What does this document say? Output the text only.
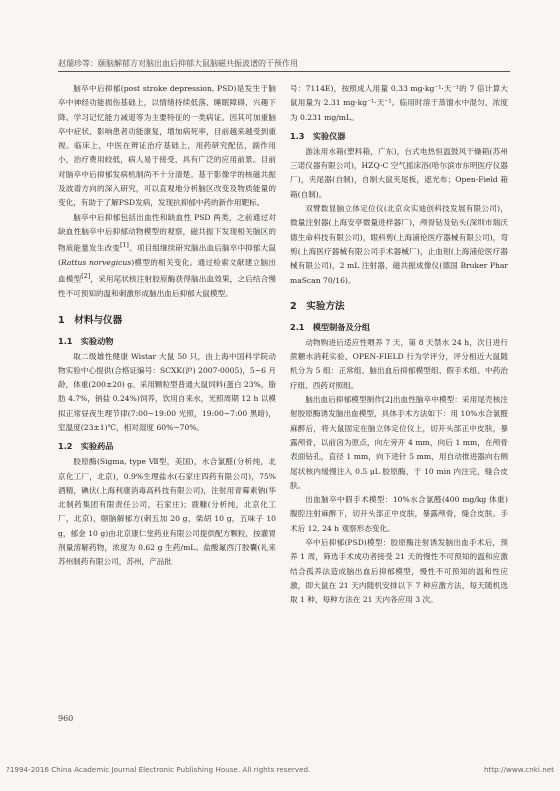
赵瑞珍等：颐脑解郁方对脑出血后抑郁大鼠脑磁共振波谱的干预作用

脑卒中后抑郁(post stroke depression, PSD)是发生于脑卒中神经功能损伤基础上，以情绪持续低落、睡眠障碍、兴趣下降、学习记忆能力减退等为主要特征的一类病证。因其可加重脑卒中症状、影响患者功能康复，增加病死率，目前越来越受到重视。临床上，中医在辨证治疗基础上，用药研究配伍，副作用小，治疗费用较低，病人易于接受，具有广泛的应用前景。目前对脑卒中后抑郁发病机制尚不十分清楚。基于影像学的核磁共振及波谱方向的深入研究，可以直观地分析脑区改变及物质能量的变化，有助于了解PSD发病，发现抗抑郁中药的新作用靶标。

脑卒中后抑郁包括出血性和缺血性 PSD 两类，之前通过对缺血性脑卒中后抑郁动物模型的观察，磁共振下发现相关脑区的物质能量发生改变[1]。项目组继续研究脑出血后脑卒中抑郁大鼠(Rattus norvegicus)模型的相关变化。通过检索文献建立脑出血模型[2]，采用尾状核注射胶原酶获得脑出血效果，之后结合慢性不可预知的温和刺激形成脑出血后抑郁大鼠模型。

1　材料与仪器
1.1　实验动物

取二级雄性健康 Wistar 大鼠 50 只，由上海中国科学院动物实验中心提供(合格证编号：SCXK(沪) 2007-0005)，5~6 月龄，体重(200±20) g。采用颗粒型普通大鼠饲料(蛋白 23%，脂肪 4.7%，钠盐 0.24%)饲养，饮用自来水，光照周期 12 h 以模拟正常昼夜生理节律(7:00~19:00 光照，19:00~7:00 黑暗)，室温度(23±1)℃，相对湿度 60%~70%。

1.2　实验药品

胶原酶(Sigma, type Ⅶ型，美国)，水合氯醛(分析纯，北京化工厂，北京)，0.9%生理盐水(石家庄四药有限公司)，75%酒精，碘伏(上海利康消毒高科技有限公司)，注射用青霉素钠(华北制药集团有限责任公司，石家庄)；鹿糠(分析纯，北京化工厂，北京)，颐脑解郁方(刺五加 20 g，柴胡 10 g，五味子 10 g，郁金 10 g)由北京康仁堂药业有限公司提供配方颗粒，按灌胃剂量溶解药物，浓度为 0.62 g 生药/mL。盐酸氟西汀胶囊(礼来苏州制药有限公司，苏州，产品批

号：7114E)，按照成人用量 0.33 mg·kg⁻¹·天⁻¹的 7 倍计算大鼠用量为 2.31 mg·kg⁻¹·天⁻¹。临用时溶于蒸馏水中混匀，浓度为 0.231 mg/mL。

1.3　实验仪器

游泳用水箱(塑料箱，广东)，台式电热恒温鼓风干燥箱(苏州三诺仪器有限公司)，HZQ-C 空气摇床浴(哈尔滨市东明医疗仪器厂)，夹尾器(自制)，自制大鼠夹尾板，遮光布；Open-Field 箱箱(自制)。

双臂数显脑立体定位仪(北京众实迪创科技发展有限公司)，微量注射器(上海安亭微量进样器厂)，颅骨钻及钻头(深圳市瑞沃德生命科技有限公司)，眼科剪(上海浦伦医疗器械有限公司)，弯剪(上海医疗器械有限公司手术器械厂)，止血钳(上海浦伦医疗器械有限公司)，2 mL 注射器，磁共振成像仪(德国 Bruker PharmaScan 70/16)。

2　实验方法
2.1　模型制备及分组

动物购进后适应性喂养 7 天，第 8 天禁水 24 h，次日进行蔗糖水消耗实验、OPEN-FIELD 行为学评分，评分相近大鼠随机分为 5 组：正常组、脑出血后抑郁模型组、假手术组、中药治疗组、西药对照组。

脑出血后抑郁模型制作[2]出血性脑卒中模型：采用尾壳核注射胶原酶诱发脑出血模型，具体手术方法如下：用 10%水合氯醛麻醉后，将大鼠固定在脑立体定位仪上，切开头部正中皮肤，暴露颅骨，以前囟为原点，向左旁开 4 mm，向后 1 mm，在颅骨表面钻孔，直径 1 mm，向下进针 5 mm，用自动推进器向右侧尾状核内缓慢注入 0.5 μL 胶原酶，于 10 min 内注完，缝合皮肤。

出血脑卒中假手术模型：10%水合氯醛(400 mg/kg 体重)腹腔注射麻醉下，切开头部正中皮肤，暴露颅骨，缝合皮肤。手术后 12, 24 h 观察形态变化。

卒中后抑郁(PSD)模型：胶原酶注射诱发脑出血手术后，预养 1 周，筛选手术成功者接受 21 天的慢性不可预知的温和应激结合孤养法造成脑出血后抑郁模型，慢性不可预知的温和性应激，即大鼠在 21 天内随机安排以下 7 种应激方法，每天随机选取 1 种，每种方法在 21 天内各应用 3 次。

960
?1994-2016 China Academic Journal Electronic Publishing House. All rights reserved.	http://www.cnki.net
